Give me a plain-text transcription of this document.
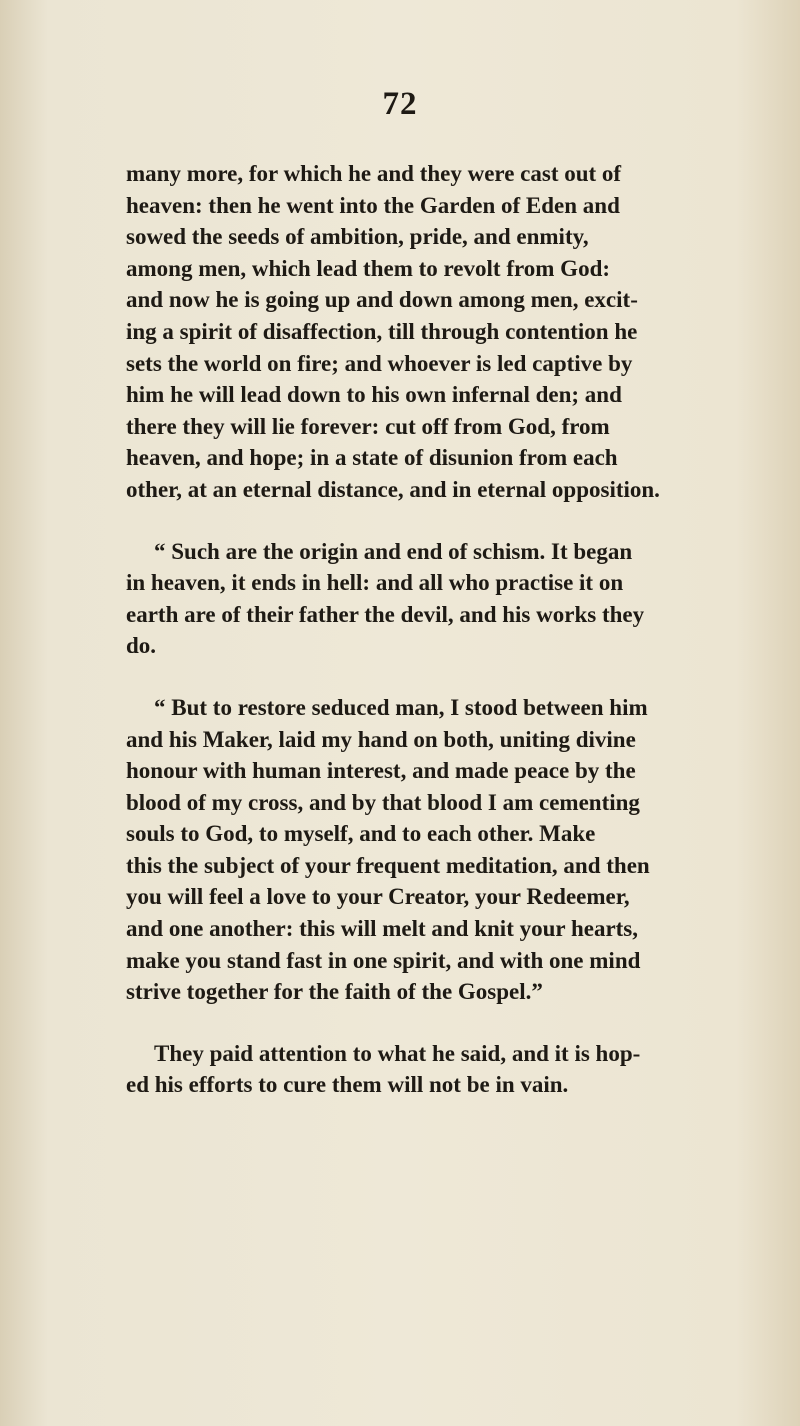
72

many more, for which he and they were cast out of
heaven: then he went into the Garden of Eden and
sowed the seeds of ambition, pride, and enmity,
among men, which lead them to revolt from God:
and now he is going up and down among men, excit-
ing a spirit of disaffection, till through contention he
sets the world on fire; and whoever is led captive by
him he will lead down to his own infernal den; and
there they will lie forever: cut off from God, from
heaven, and hope; in a state of disunion from each
other, at an eternal distance, and in eternal opposition.

“ Such are the origin and end of schism. It began
in heaven, it ends in hell: and all who practise it on
earth are of their father the devil, and his works they
do.

“ But to restore seduced man, I stood between him
and his Maker, laid my hand on both, uniting divine
honour with human interest, and made peace by the
blood of my cross, and by that blood I am cementing
souls to God, to myself, and to each other. Make
this the subject of your frequent meditation, and then
you will feel a love to your Creator, your Redeemer,
and one another: this will melt and knit your hearts,
make you stand fast in one spirit, and with one mind
strive together for the faith of the Gospel.”

They paid attention to what he said, and it is hop-
ed his efforts to cure them will not be in vain.
